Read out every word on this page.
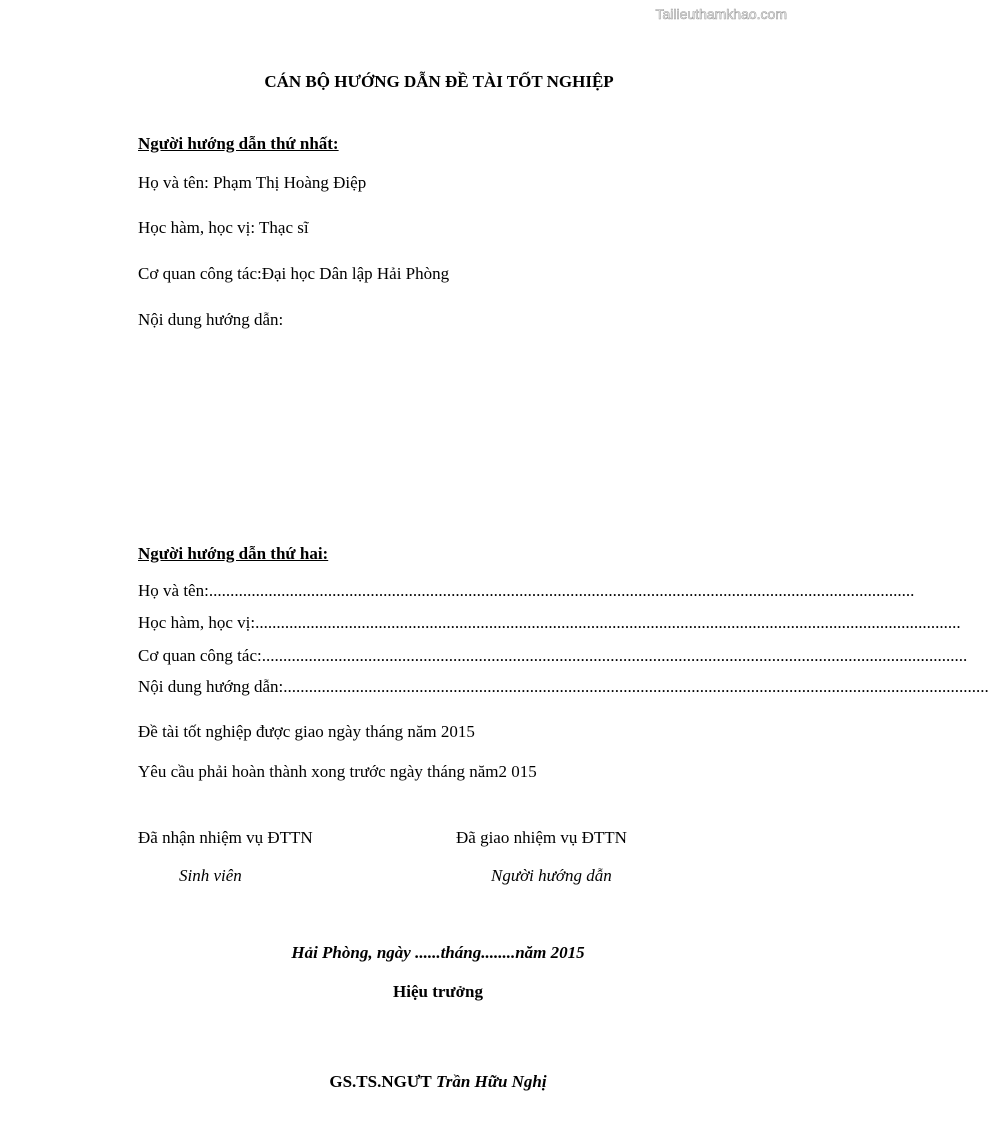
Tailieuthamkhao.com
CÁN BỘ HƯỚNG DẪN ĐỀ TÀI TỐT NGHIỆP
Người hướng dẫn thứ nhất:
Họ và tên: Phạm Thị Hoàng Điệp
Học hàm, học vị: Thạc sĩ
Cơ quan công tác:Đại học Dân lập Hải Phòng
Nội dung hướng dẫn:
Người hướng dẫn thứ hai:
Họ và tên: ......................................................................................................................................................................
Học hàm, học vị: ......................................................................................................................................................................
Cơ quan công tác: ......................................................................................................................................................................
Nội dung hướng dẫn: ......................................................................................................................................................................
Đề tài tốt nghiệp được giao ngày tháng năm 2015
Yêu cầu phải hoàn thành xong trước ngày tháng năm2 015
Đã nhận nhiệm vụ ĐTTN
Sinh viên
Đã giao nhiệm vụ ĐTTN
Người hướng dẫn
Hải Phòng, ngày ......tháng........năm 2015
Hiệu trưởng
GS.TS.NGƯT Trần Hữu Nghị
